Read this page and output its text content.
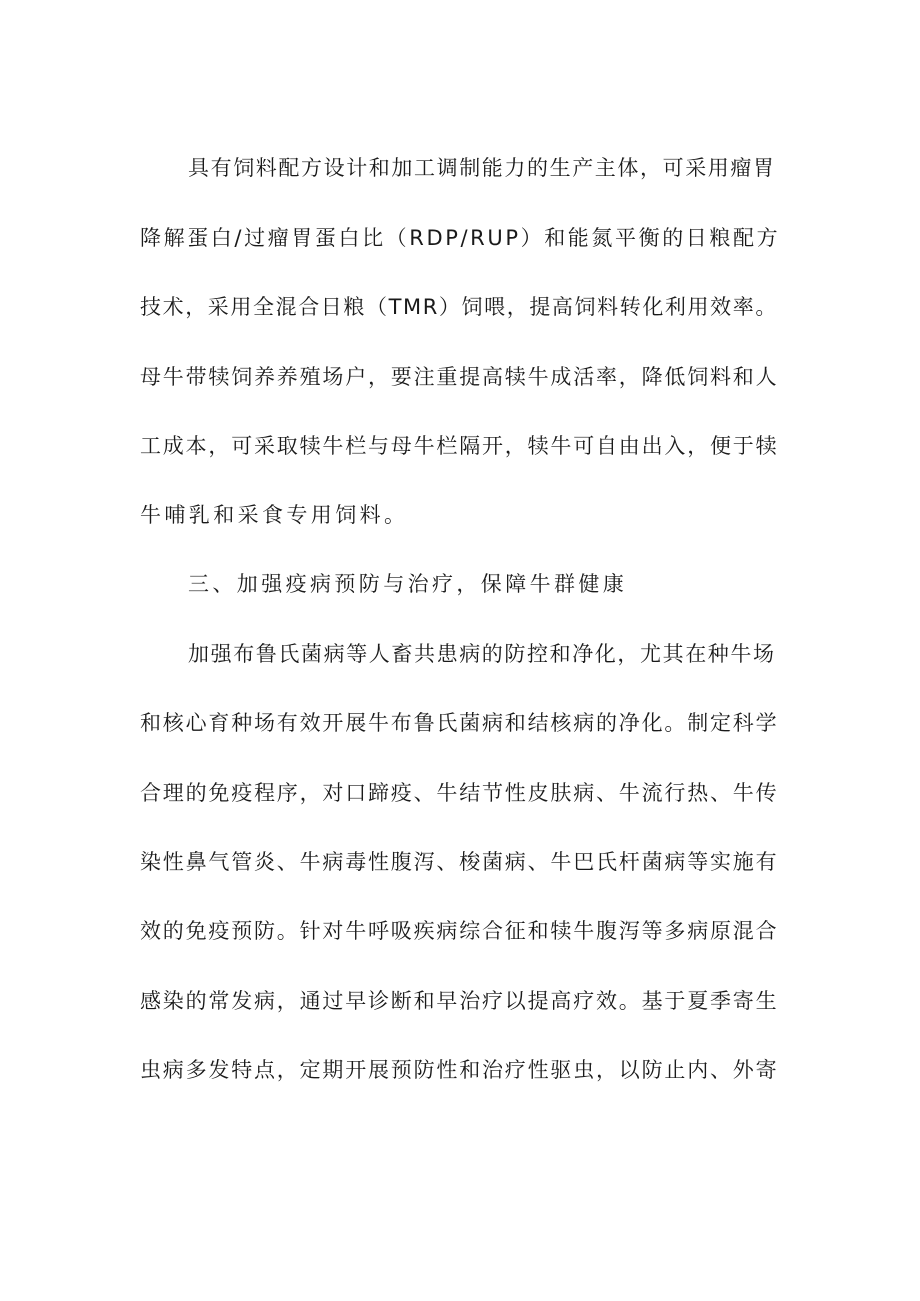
具有饲料配方设计和加工调制能力的生产主体，可采用瘤胃
降解蛋白/过瘤胃蛋白比（RDP/RUP）和能氮平衡的日粮配方
技术，采用全混合日粮（TMR）饲喂，提高饲料转化利用效率。
母牛带犊饲养养殖场户，要注重提高犊牛成活率，降低饲料和人
工成本，可采取犊牛栏与母牛栏隔开，犊牛可自由出入，便于犊
牛哺乳和采食专用饲料。
三、加强疫病预防与治疗，保障牛群健康
加强布鲁氏菌病等人畜共患病的防控和净化，尤其在种牛场
和核心育种场有效开展牛布鲁氏菌病和结核病的净化。制定科学
合理的免疫程序，对口蹄疫、牛结节性皮肤病、牛流行热、牛传
染性鼻气管炎、牛病毒性腹泻、梭菌病、牛巴氏杆菌病等实施有
效的免疫预防。针对牛呼吸疾病综合征和犊牛腹泻等多病原混合
感染的常发病，通过早诊断和早治疗以提高疗效。基于夏季寄生
虫病多发特点，定期开展预防性和治疗性驱虫，以防止内、外寄
